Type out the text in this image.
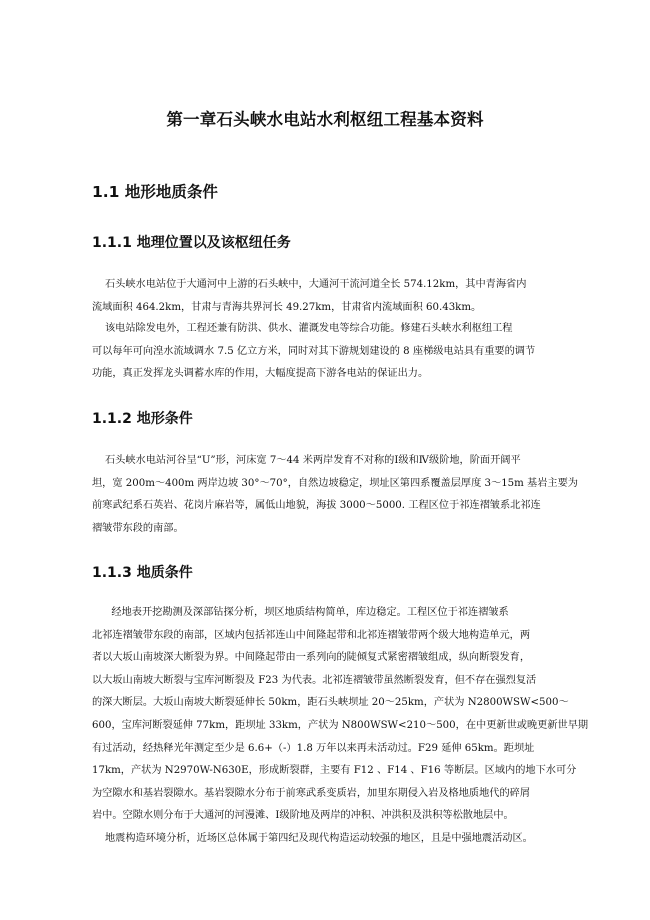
第一章石头峡水电站水利枢纽工程基本资料
1.1 地形地质条件
1.1.1 地理位置以及该枢纽任务
石头峡水电站位于大通河中上游的石头峡中，大通河干流河道全长 574.12km，其中青海省内
流域面积 464.2km，甘肃与青海共界河长 49.27km，甘肃省内流域面积 60.43km。
该电站除发电外，工程还兼有防洪、供水、灌溉发电等综合功能。修建石头峡水利枢纽工程
可以每年可向湟水流域调水 7.5 亿立方米，同时对其下游规划建设的 8 座梯级电站具有重要的调节
功能，真正发挥龙头调蓄水库的作用，大幅度提高下游各电站的保证出力。
1.1.2 地形条件
石头峡水电站河谷呈“U”形，河床宽 7～44 米两岸发育不对称的Ⅰ级和Ⅳ级阶地，阶面开阔平
坦，宽 200m～400m 两岸边坡 30°～70°，自然边坡稳定，坝址区第四系覆盖层厚度 3～15m 基岩主要为
前寒武纪系石英岩、花岗片麻岩等，属低山地貌，海拔 3000～5000. 工程区位于祁连褶皱系北祁连
褶皱带东段的南部。
1.1.3 地质条件
经地表开挖勘测及深部钻探分析，坝区地质结构简单，库边稳定。工程区位于祁连褶皱系
北祁连褶皱带东段的南部，区域内包括祁连山中间隆起带和北祁连褶皱带两个级大地构造单元，两
者以大坂山南坡深大断裂为界。中间隆起带由一系列向的陡倾复式紧密褶皱组成，纵向断裂发育，
以大坂山南坡大断裂与宝库河断裂及 F23 为代表。北祁连褶皱带虽然断裂发育，但不存在强烈复活
的深大断层。大坂山南坡大断裂延伸长 50km，距石头峡坝址 20～25km，产状为 N2800WSW<500～
600，宝库河断裂延伸 77km，距坝址 33km，产状为 N800WSW<210～500，在中更新世或晚更新世早期
有过活动，经热释光年测定至少是 6.6+（-）1.8 万年以来再未活动过。F29 延伸 65km。距坝址
17km，产状为 N2970W-N630E，形成断裂群，主要有 F12 、F14 、F16 等断层。区域内的地下水可分
为空隙水和基岩裂隙水。基岩裂隙水分布于前寒武系变质岩，加里东期侵入岩及格地质地代的碎屑
岩中。空隙水则分布于大通河的河漫滩、Ⅰ级阶地及两岸的冲积、冲洪积及洪积等松散地层中。
地震构造环境分析，近场区总体属于第四纪及现代构造运动较强的地区，且是中强地震活动区。
